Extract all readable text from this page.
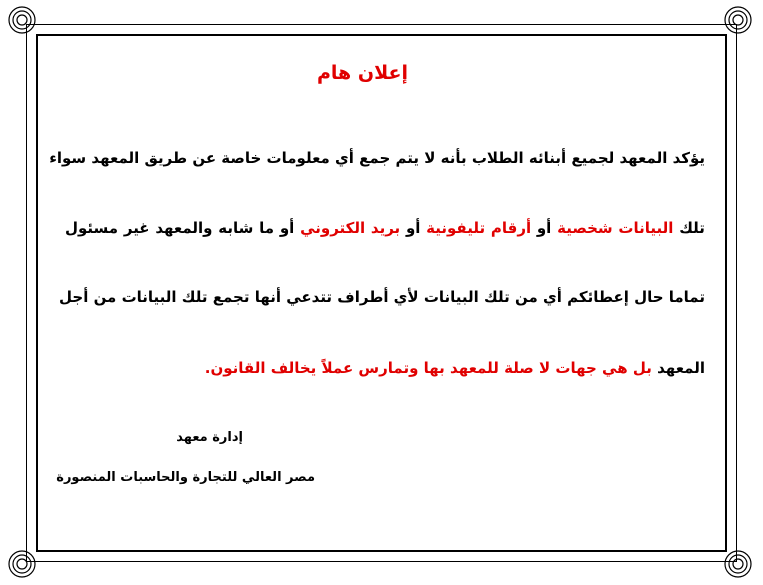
إعلان هام
يؤكد المعهد لجميع أبنائه الطلاب بأنه لا يتم جمع أي معلومات خاصة عن طريق المعهد سواء
تلك البيانات شخصية أو أرقام تليفونية أو بريد الكتروني أو ما شابه والمعهد غير مسئول
تماما حال إعطائكم أي من تلك البيانات لأي أطراف تتدعي أنها تجمع تلك البيانات من أجل
المعهد بل هي جهات لا صلة للمعهد بها وتمارس عملاً يخالف القانون.
إدارة معهد
مصر العالي للتجارة والحاسبات المنصورة
